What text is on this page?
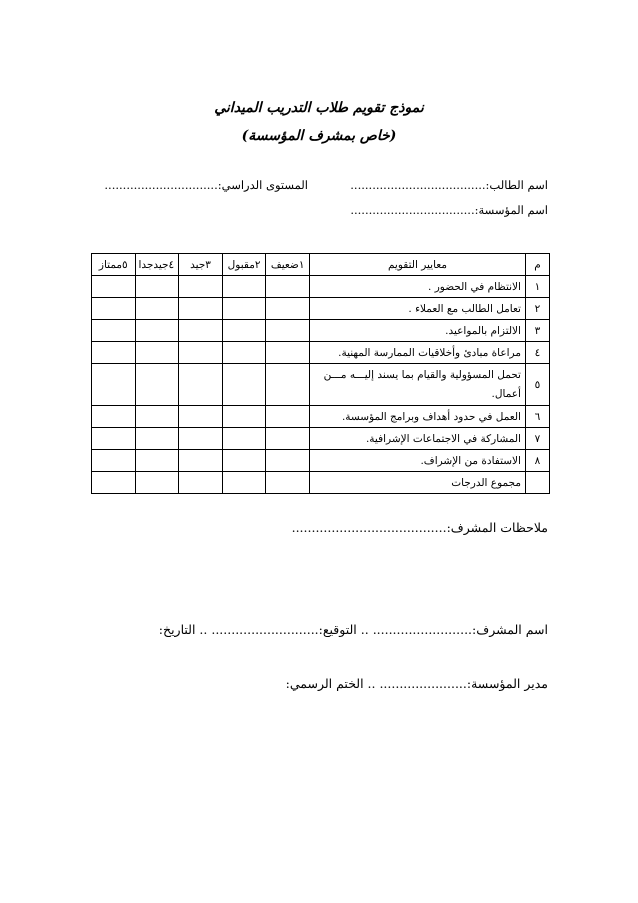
نموذج تقويم طلاب التدريب الميداني
(خاص بمشرف المؤسسة)
اسم الطالب:.....................................
المستوى الدراسي:...............................
اسم المؤسسة:..................................
م	معايير التقويم	١ضعيف	٢مقبول	٣جيد	٤جيدجدا	٥ممتاز
١	الانتظام في الحضور .					
٢	تعامل الطالب مع العملاء .					
٣	الالتزام بالمواعيد.					
٤	مراعاة مبادئ وأخلاقيات الممارسة المهنية.					
٥	تحمل المسؤولية والقيام بما يسند إليـــه مـــن
أعمال.					

٦	العمل في حدود أهداف وبرامج المؤسسة.					
٧	المشاركة في الاجتماعات الإشرافية.					
٨	الاستفادة من الإشراف.					
	مجموع الدرجات					
ملاحظات المشرف:.......................................
اسم المشرف:......................... .. التوقيع:........................... .. التاريخ:
مدير المؤسسة:...................... .. الختم الرسمي:
